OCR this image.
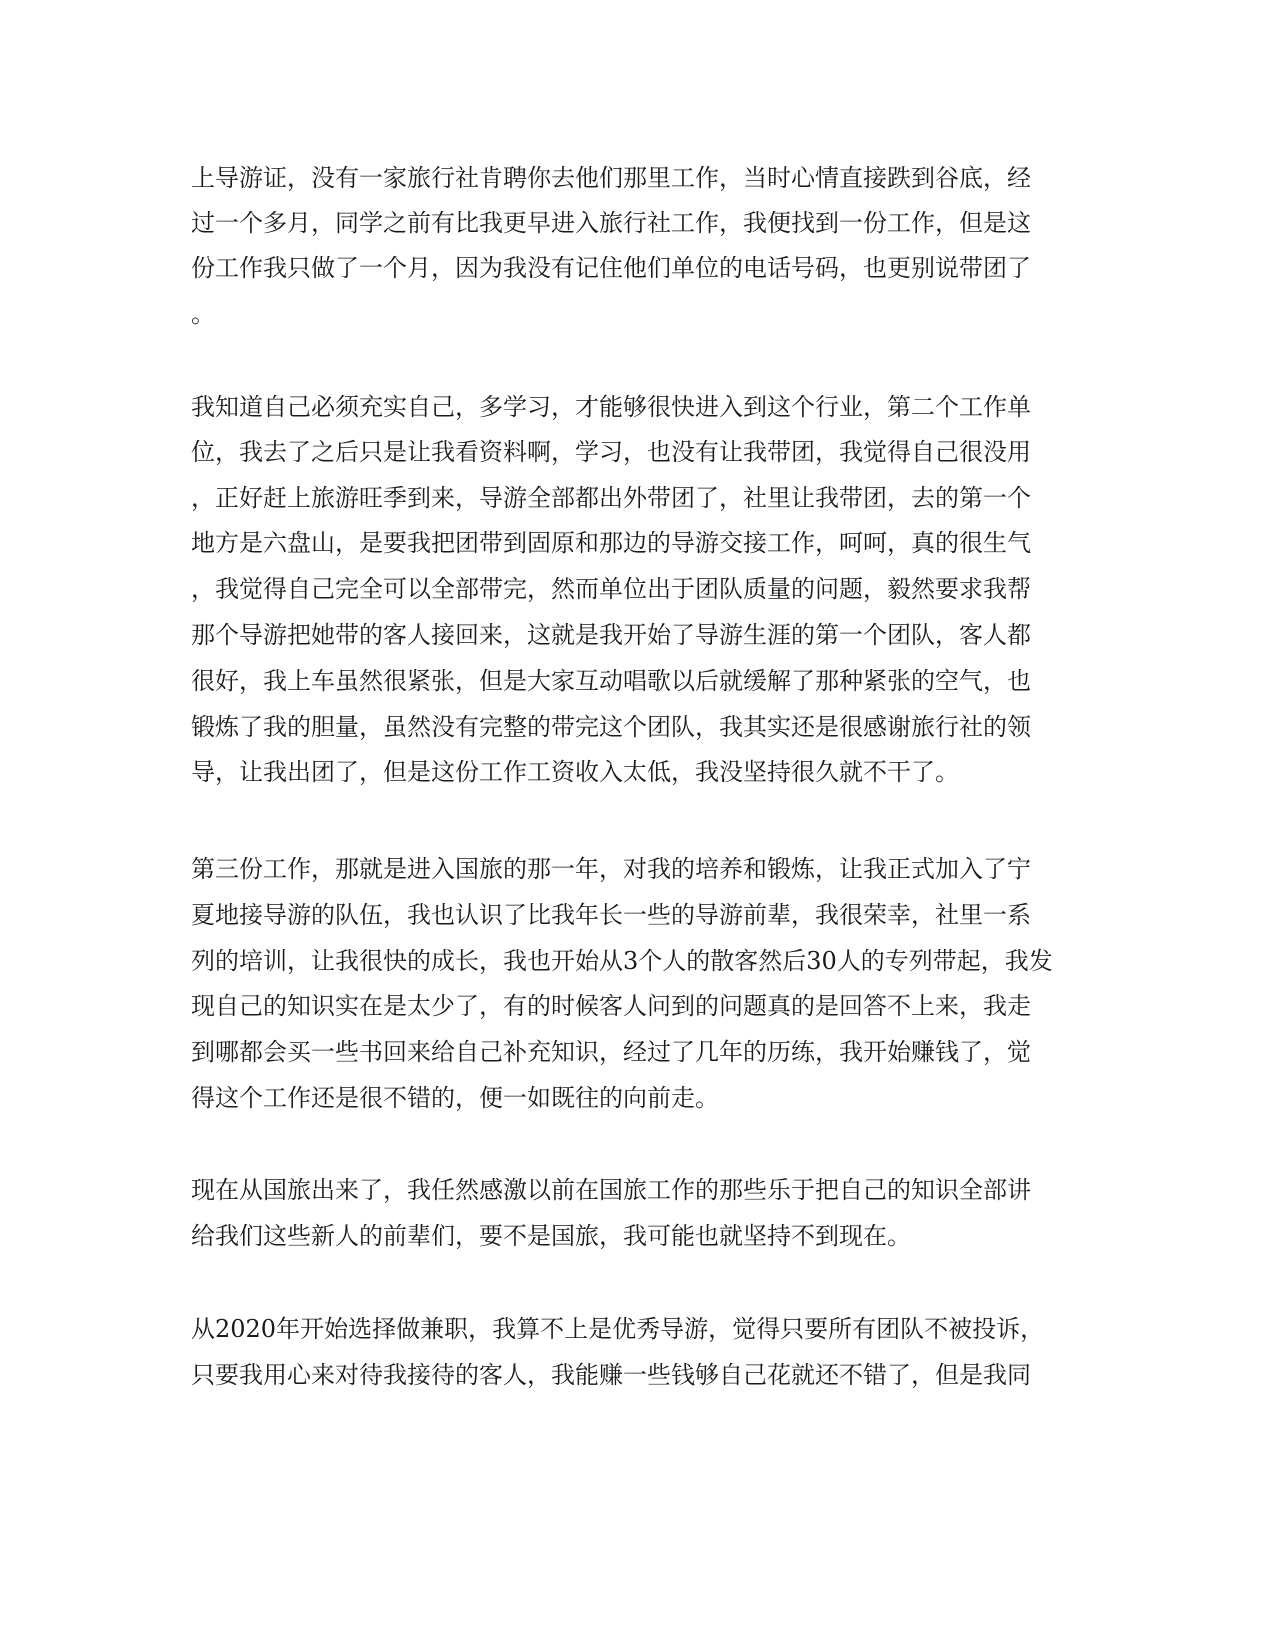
上导游证，没有一家旅行社肯聘你去他们那里工作，当时心情直接跌到谷底，经
过一个多月，同学之前有比我更早进入旅行社工作，我便找到一份工作，但是这
份工作我只做了一个月，因为我没有记住他们单位的电话号码，也更别说带团了
。
我知道自己必须充实自己，多学习，才能够很快进入到这个行业，第二个工作单
位，我去了之后只是让我看资料啊，学习，也没有让我带团，我觉得自己很没用
，正好赶上旅游旺季到来，导游全部都出外带团了，社里让我带团，去的第一个
地方是六盘山，是要我把团带到固原和那边的导游交接工作，呵呵，真的很生气
，我觉得自己完全可以全部带完，然而单位出于团队质量的问题，毅然要求我帮
那个导游把她带的客人接回来，这就是我开始了导游生涯的第一个团队，客人都
很好，我上车虽然很紧张，但是大家互动唱歌以后就缓解了那种紧张的空气，也
锻炼了我的胆量，虽然没有完整的带完这个团队，我其实还是很感谢旅行社的领
导，让我出团了，但是这份工作工资收入太低，我没坚持很久就不干了。
第三份工作，那就是进入国旅的那一年，对我的培养和锻炼，让我正式加入了宁
夏地接导游的队伍，我也认识了比我年长一些的导游前辈，我很荣幸，社里一系
列的培训，让我很快的成长，我也开始从3个人的散客然后30人的专列带起，我发
现自己的知识实在是太少了，有的时候客人问到的问题真的是回答不上来，我走
到哪都会买一些书回来给自己补充知识，经过了几年的历练，我开始赚钱了，觉
得这个工作还是很不错的，便一如既往的向前走。
现在从国旅出来了，我任然感激以前在国旅工作的那些乐于把自己的知识全部讲
给我们这些新人的前辈们，要不是国旅，我可能也就坚持不到现在。
从2020年开始选择做兼职，我算不上是优秀导游，觉得只要所有团队不被投诉，
只要我用心来对待我接待的客人，我能赚一些钱够自己花就还不错了，但是我同
